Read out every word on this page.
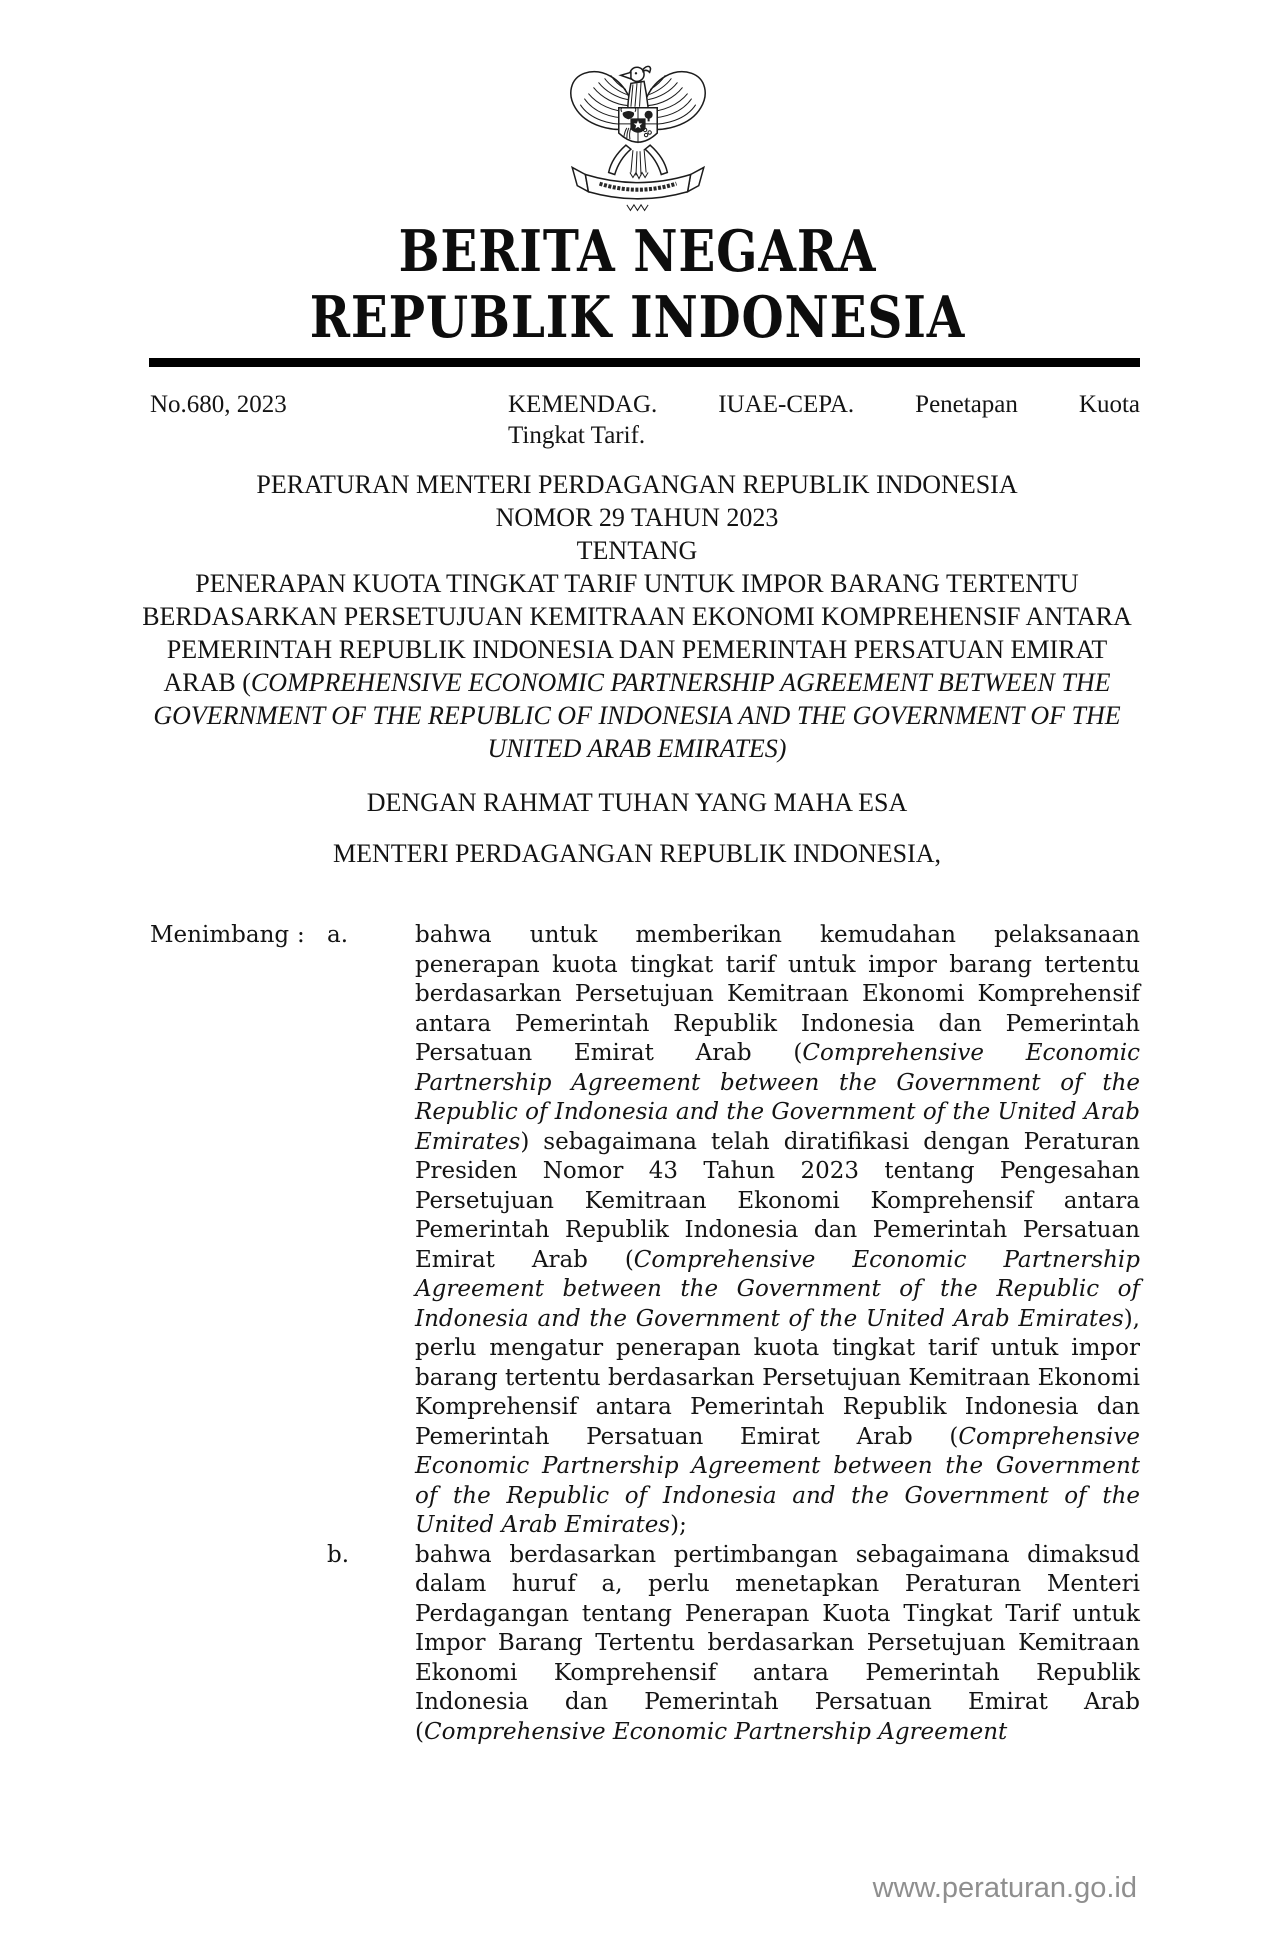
BERITA NEGARA
REPUBLIK INDONESIA
No.680, 2023	KEMENDAG. IUAE-CEPA. Penetapan Kuota
Tingkat Tarif.
PERATURAN MENTERI PERDAGANGAN REPUBLIK INDONESIA
NOMOR 29 TAHUN 2023
TENTANG
PENERAPAN KUOTA TINGKAT TARIF UNTUK IMPOR BARANG TERTENTU BERDASARKAN PERSETUJUAN KEMITRAAN EKONOMI KOMPREHENSIF ANTARA PEMERINTAH REPUBLIK INDONESIA DAN PEMERINTAH PERSATUAN EMIRAT ARAB (COMPREHENSIVE ECONOMIC PARTNERSHIP AGREEMENT BETWEEN THE GOVERNMENT OF THE REPUBLIC OF INDONESIA AND THE GOVERNMENT OF THE UNITED ARAB EMIRATES)
DENGAN RAHMAT TUHAN YANG MAHA ESA
MENTERI PERDAGANGAN REPUBLIK INDONESIA,
Menimbang : a.	bahwa untuk memberikan kemudahan pelaksanaan penerapan kuota tingkat tarif untuk impor barang tertentu berdasarkan Persetujuan Kemitraan Ekonomi Komprehensif antara Pemerintah Republik Indonesia dan Pemerintah Persatuan Emirat Arab (Comprehensive Economic Partnership Agreement between the Government of the Republic of Indonesia and the Government of the United Arab Emirates) sebagaimana telah diratifikasi dengan Peraturan Presiden Nomor 43 Tahun 2023 tentang Pengesahan Persetujuan Kemitraan Ekonomi Komprehensif antara Pemerintah Republik Indonesia dan Pemerintah Persatuan Emirat Arab (Comprehensive Economic Partnership Agreement between the Government of the Republic of Indonesia and the Government of the United Arab Emirates), perlu mengatur penerapan kuota tingkat tarif untuk impor barang tertentu berdasarkan Persetujuan Kemitraan Ekonomi Komprehensif antara Pemerintah Republik Indonesia dan Pemerintah Persatuan Emirat Arab (Comprehensive Economic Partnership Agreement between the Government of the Republic of Indonesia and the Government of the United Arab Emirates);
b.	bahwa berdasarkan pertimbangan sebagaimana dimaksud dalam huruf a, perlu menetapkan Peraturan Menteri Perdagangan tentang Penerapan Kuota Tingkat Tarif untuk Impor Barang Tertentu berdasarkan Persetujuan Kemitraan Ekonomi Komprehensif antara Pemerintah Republik Indonesia dan Pemerintah Persatuan Emirat Arab (Comprehensive Economic Partnership Agreement
www.peraturan.go.id
